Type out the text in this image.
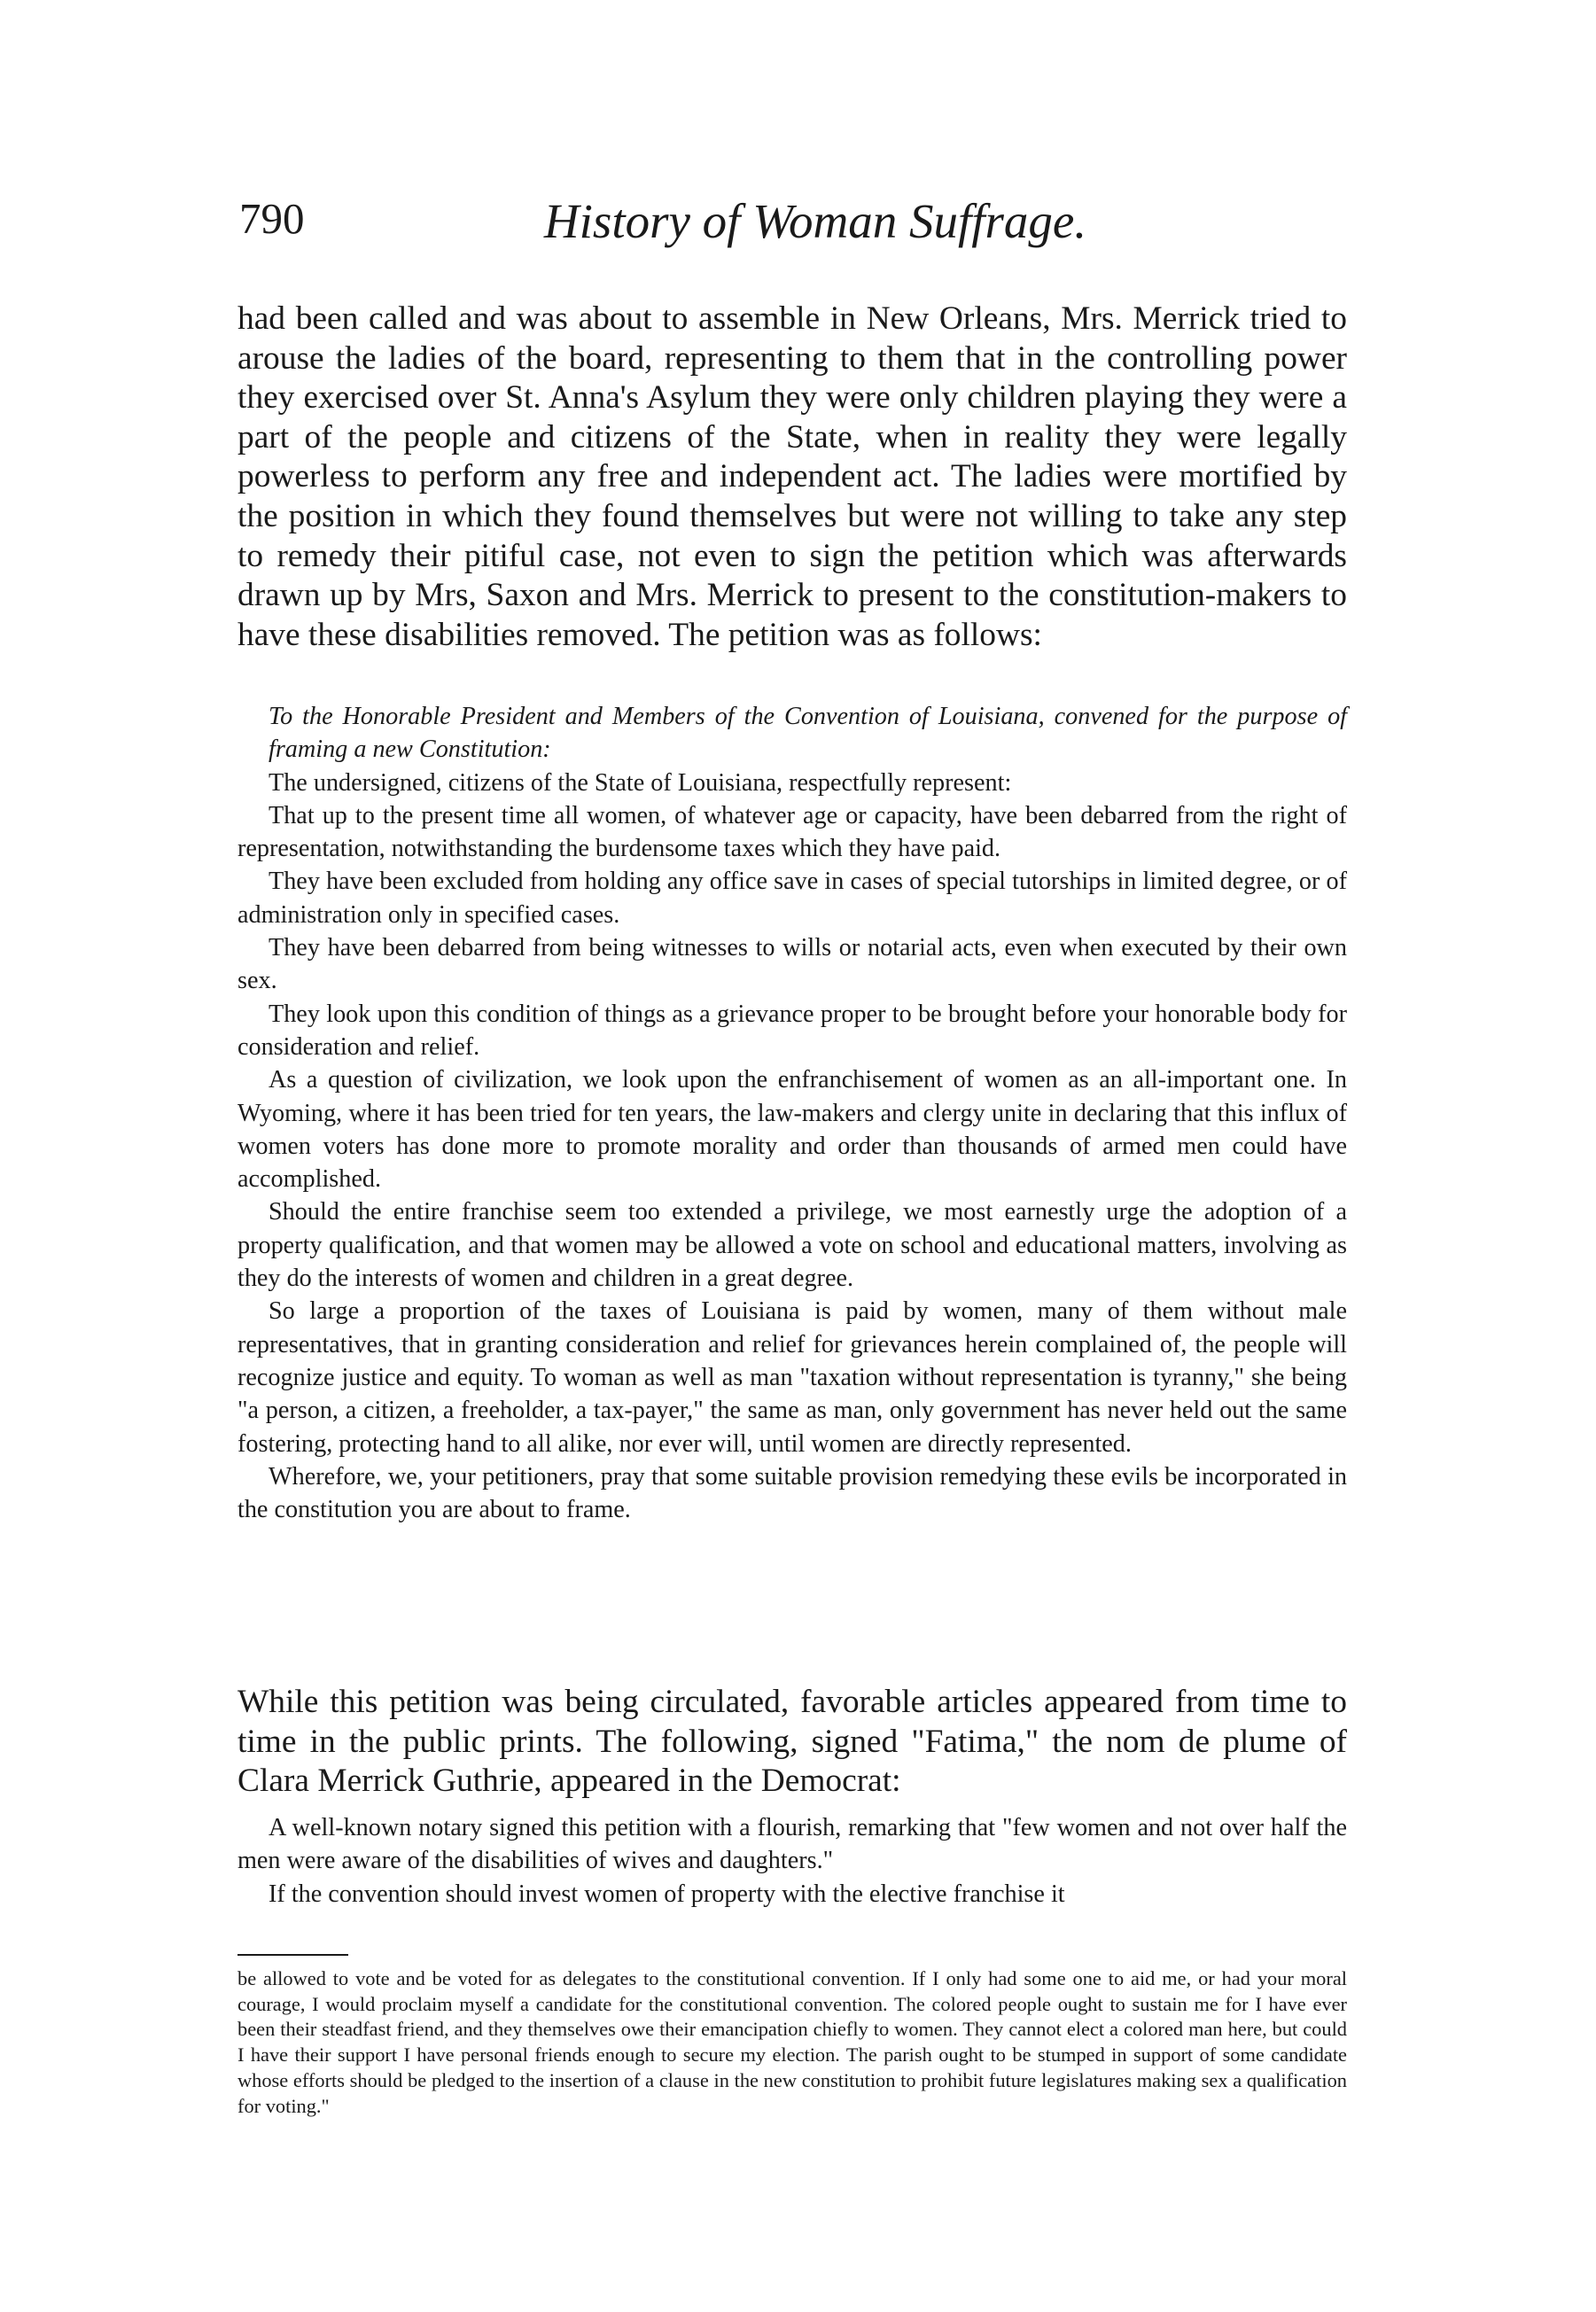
790	History of Woman Suffrage.

had been called and was about to assemble in New Orleans, Mrs. Merrick tried to arouse the ladies of the board, representing to them that in the controlling power they exercised over St. Anna's Asylum they were only children playing they were a part of the people and citizens of the State, when in reality they were legally powerless to perform any free and independent act. The ladies were mortified by the position in which they found themselves but were not willing to take any step to remedy their pitiful case, not even to sign the petition which was afterwards drawn up by Mrs, Saxon and Mrs. Merrick to present to the constitution-makers to have these disabilities removed. The petition was as follows:

To the Honorable President and Members of the Convention of Louisiana, convened for the purpose of framing a new Constitution:

The undersigned, citizens of the State of Louisiana, respectfully represent:

That up to the present time all women, of whatever age or capacity, have been debarred from the right of representation, notwithstanding the burdensome taxes which they have paid.

They have been excluded from holding any office save in cases of special tutorships in limited degree, or of administration only in specified cases.

They have been debarred from being witnesses to wills or notarial acts, even when executed by their own sex.

They look upon this condition of things as a grievance proper to be brought before your honorable body for consideration and relief.

As a question of civilization, we look upon the enfranchisement of women as an all-important one. In Wyoming, where it has been tried for ten years, the law-makers and clergy unite in declaring that this influx of women voters has done more to promote morality and order than thousands of armed men could have accomplished.

Should the entire franchise seem too extended a privilege, we most earnestly urge the adoption of a property qualification, and that women may be allowed a vote on school and educational matters, involving as they do the interests of women and children in a great degree.

So large a proportion of the taxes of Louisiana is paid by women, many of them without male representatives, that in granting consideration and relief for grievances herein complained of, the people will recognize justice and equity. To woman as well as man "taxation without representation is tyranny," she being "a person, a citizen, a freeholder, a tax-payer," the same as man, only government has never held out the same fostering, protecting hand to all alike, nor ever will, until women are directly represented.

Wherefore, we, your petitioners, pray that some suitable provision remedying these evils be incorporated in the constitution you are about to frame.

While this petition was being circulated, favorable articles appeared from time to time in the public prints. The following, signed "Fatima," the nom de plume of Clara Merrick Guthrie, appeared in the Democrat:

A well-known notary signed this petition with a flourish, remarking that "few women and not over half the men were aware of the disabilities of wives and daughters."

If the convention should invest women of property with the elective franchise it

be allowed to vote and be voted for as delegates to the constitutional convention. If I only had some one to aid me, or had your moral courage, I would proclaim myself a candidate for the constitutional convention. The colored people ought to sustain me for I have ever been their steadfast friend, and they themselves owe their emancipation chiefly to women. They cannot elect a colored man here, but could I have their support I have personal friends enough to secure my election. The parish ought to be stumped in support of some candidate whose efforts should be pledged to the insertion of a clause in the new constitution to prohibit future legislatures making sex a qualification for voting."
